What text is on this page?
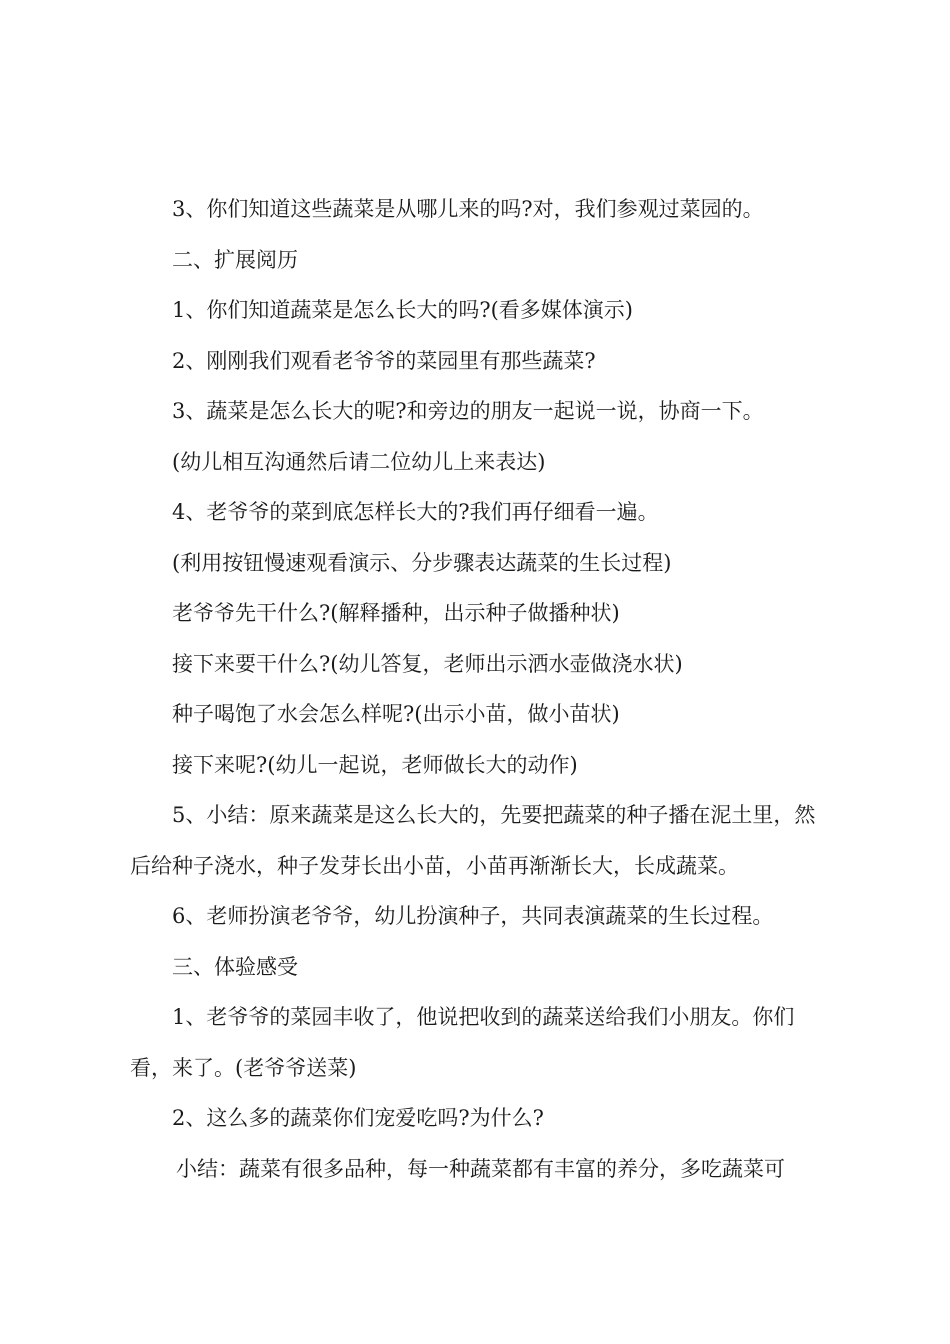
3、你们知道这些蔬菜是从哪儿来的吗?对，我们参观过菜园的。

二、扩展阅历

1、你们知道蔬菜是怎么长大的吗?(看多媒体演示)

2、刚刚我们观看老爷爷的菜园里有那些蔬菜?

3、蔬菜是怎么长大的呢?和旁边的朋友一起说一说，协商一下。

(幼儿相互沟通然后请二位幼儿上来表达)

4、老爷爷的菜到底怎样长大的?我们再仔细看一遍。

(利用按钮慢速观看演示、分步骤表达蔬菜的生长过程)

老爷爷先干什么?(解释播种，出示种子做播种状)

接下来要干什么?(幼儿答复，老师出示洒水壶做浇水状)

种子喝饱了水会怎么样呢?(出示小苗，做小苗状)

接下来呢?(幼儿一起说，老师做长大的动作)

5、小结：原来蔬菜是这么长大的，先要把蔬菜的种子播在泥土里，然后给种子浇水，种子发芽长出小苗，小苗再渐渐长大，长成蔬菜。

6、老师扮演老爷爷，幼儿扮演种子，共同表演蔬菜的生长过程。

三、体验感受

1、老爷爷的菜园丰收了，他说把收到的蔬菜送给我们小朋友。你们看，来了。(老爷爷送菜)

2、这么多的蔬菜你们宠爱吃吗?为什么?

小结：蔬菜有很多品种，每一种蔬菜都有丰富的养分，多吃蔬菜可
